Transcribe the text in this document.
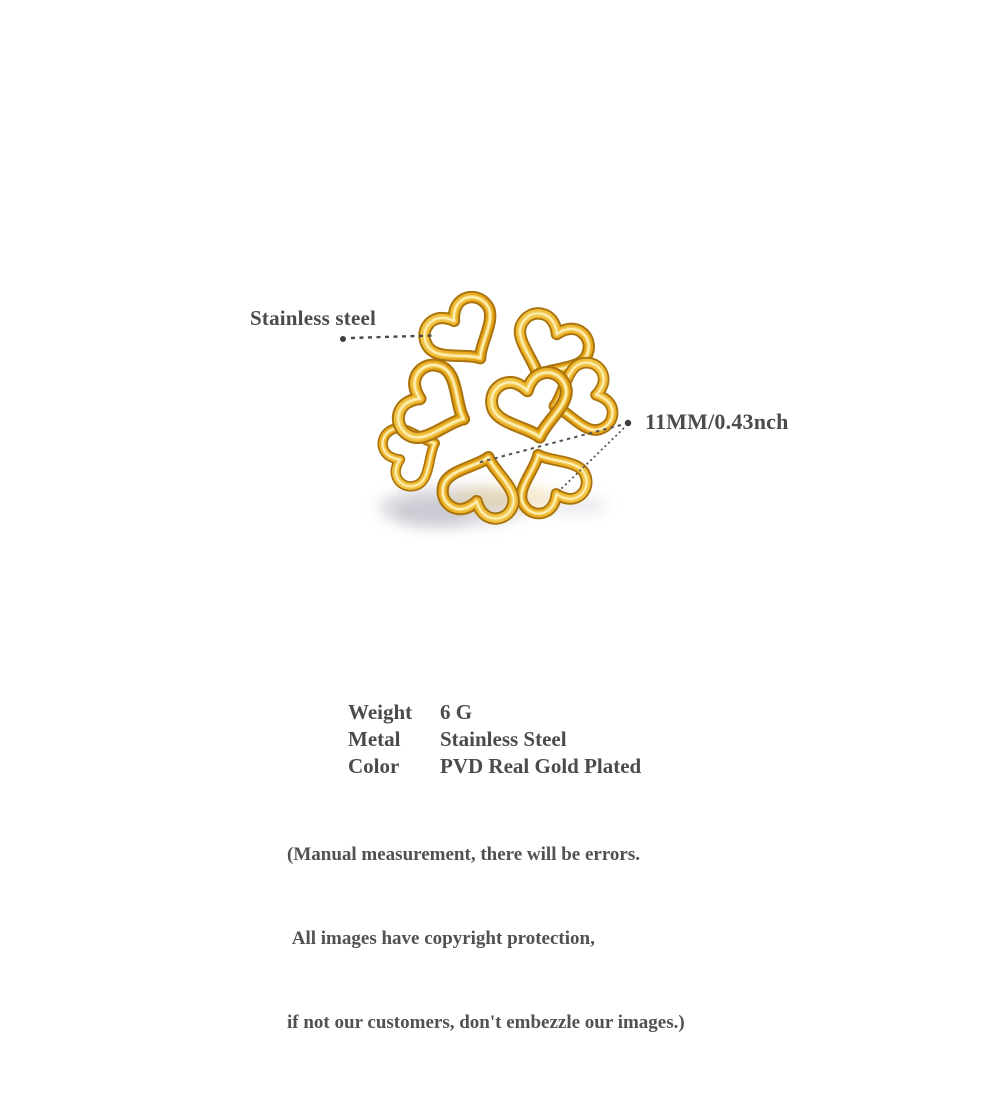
Stainless steel
11MM/0.43nch
Weight	6 G
Metal	Stainless Steel
Color	PVD Real Gold Plated

(Manual measurement, there will be errors.

All images have copyright protection,

if not our customers, don't embezzle our images.)
